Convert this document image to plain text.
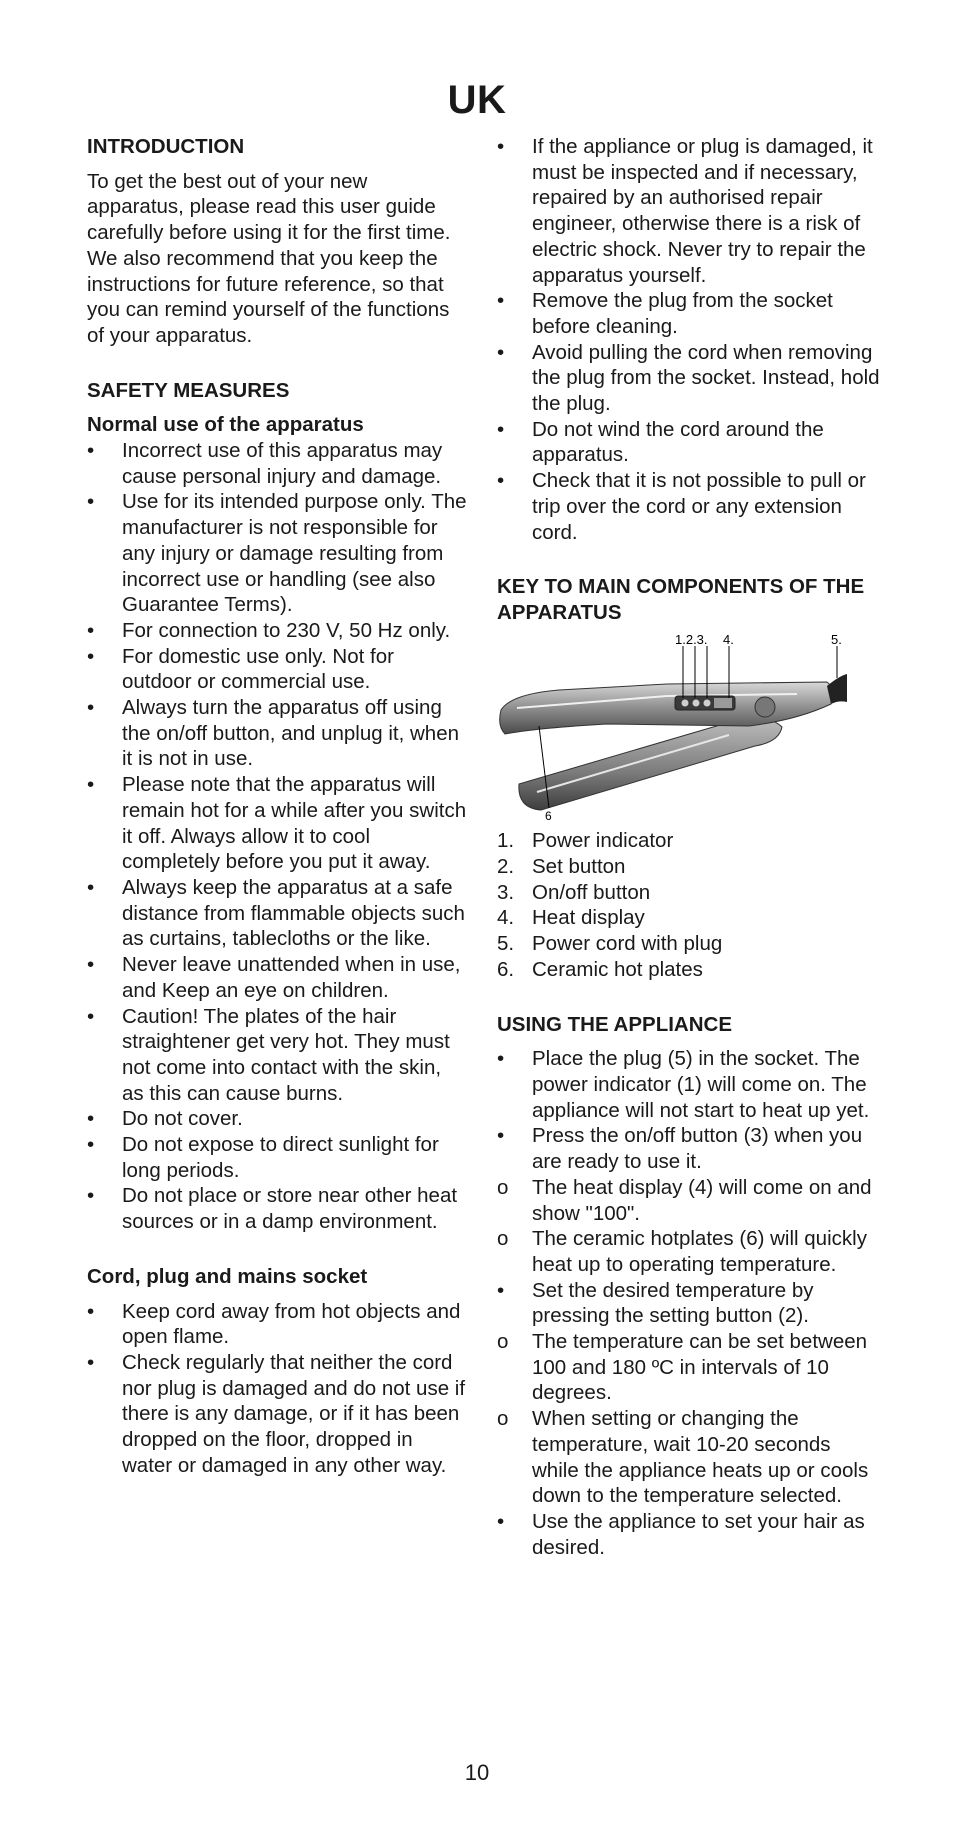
UK

INTRODUCTION

To get the best out of your new apparatus, please read this user guide carefully before using it for the first time. We also recommend that you keep the instructions for future reference, so that you can remind yourself of the functions of your apparatus.

SAFETY MEASURES

Normal use of the apparatus

•	Incorrect use of this apparatus may cause personal injury and damage.
•	Use for its intended purpose only. The manufacturer is not responsible for any injury or damage resulting from incorrect use or handling (see also Guarantee Terms).
•	For connection to 230 V, 50 Hz only.
•	For domestic use only. Not for outdoor or commercial use.
•	Always turn the apparatus off using the on/off button, and unplug it, when it is not in use.
•	Please note that the apparatus will remain hot for a while after you switch it off. Always allow it to cool completely before you put it away.
•	Always keep the apparatus at a safe distance from flammable objects such as curtains, tablecloths or the like.
•	Never leave unattended when in use, and Keep an eye on children.
•	Caution! The plates of the hair straightener get very hot. They must not come into contact with the skin, as this can cause burns.
•	Do not cover.
•	Do not expose to direct sunlight for long periods.
•	Do not place or store near other heat sources or in a damp environment.

Cord, plug and mains socket

•	Keep cord away from hot objects and open flame.
•	Check regularly that neither the cord nor plug is damaged and do not use if there is any damage, or if it has been dropped on the floor, dropped in water or damaged in any other way.
•	If the appliance or plug is damaged, it must be inspected and if necessary, repaired by an authorised repair engineer, otherwise there is a risk of electric shock. Never try to repair the apparatus yourself.
•	Remove the plug from the socket before cleaning.
•	Avoid pulling the cord when removing the plug from the socket. Instead, hold the plug.
•	Do not wind the cord around the apparatus.
•	Check that it is not possible to pull or trip over the cord or any extension cord.

KEY TO MAIN COMPONENTS OF THE APPARATUS

1.2.3. 4.	5.
6
1. Power indicator
2. Set button
3. On/off button
4. Heat display
5. Power cord with plug
6. Ceramic hot plates

USING THE APPLIANCE

•	Place the plug (5) in the socket. The power indicator (1) will come on. The appliance will not start to heat up yet.
•	Press the on/off button (3) when you are ready to use it.
o	The heat display (4) will come on and show "100".
o	The ceramic hotplates (6) will quickly heat up to operating temperature.
•	Set the desired temperature by pressing the setting button (2).
o	The temperature can be set between 100 and 180 ºC in intervals of 10 degrees.
o	When setting or changing the temperature, wait 10-20 seconds while the appliance heats up or cools down to the temperature selected.
•	Use the appliance to set your hair as desired.
10
